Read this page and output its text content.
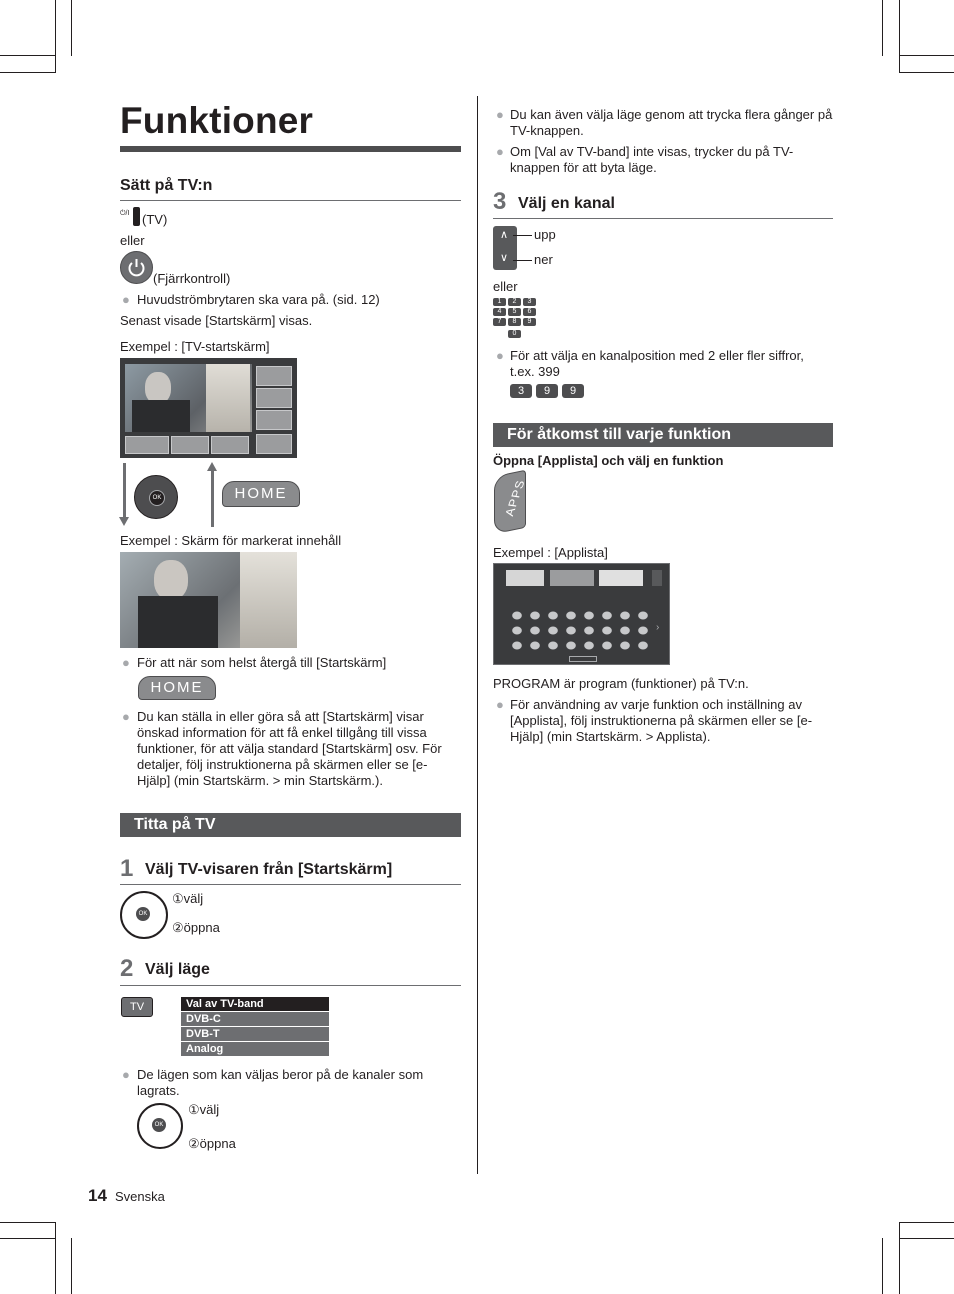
Funktioner
Sätt på TV:n
⏻/I (TV)
eller
(Fjärrkontroll)
● Huvudströmbrytaren ska vara på. (sid. 12)
Senast visade [Startskärm] visas.
Exempel : [TV-startskärm]
OK	HOME
Exempel : Skärm för markerat innehåll
● För att när som helst återgå till [Startskärm]
HOME
● Du kan ställa in eller göra så att [Startskärm] visar önskad information för att få enkel tillgång till vissa funktioner, för att välja standard [Startskärm] osv. För detaljer, följ instruktionerna på skärmen eller se [e-Hjälp] (min Startskärm. > min Startskärm.).
Titta på TV
1 Välj TV-visaren från [Startskärm]
OK
①välj
②öppna
2 Välj läge
TV	Val av TV-band
DVB-C
DVB-T
Analog
● De lägen som kan väljas beror på de kanaler som lagrats.
OK
①välj
②öppna
14 Svenska
● Du kan även välja läge genom att trycka flera gånger på TV-knappen.
● Om [Val av TV-band] inte visas, trycker du på TV-knappen för att byta läge.
3 Välj en kanal
∧
∨
upp
ner
eller
1	2	3
4	5	6
7	8	9
0
● För att välja en kanalposition med 2 eller fler siffror, t.ex. 399
3	9	9
För åtkomst till varje funktion
Öppna [Applista] och välj en funktion
APPS
Exempel : [Applista]
›
PROGRAM är program (funktioner) på TV:n.
● För användning av varje funktion och inställning av [Applista], följ instruktionerna på skärmen eller se [e-Hjälp] (min Startskärm. > Applista).
